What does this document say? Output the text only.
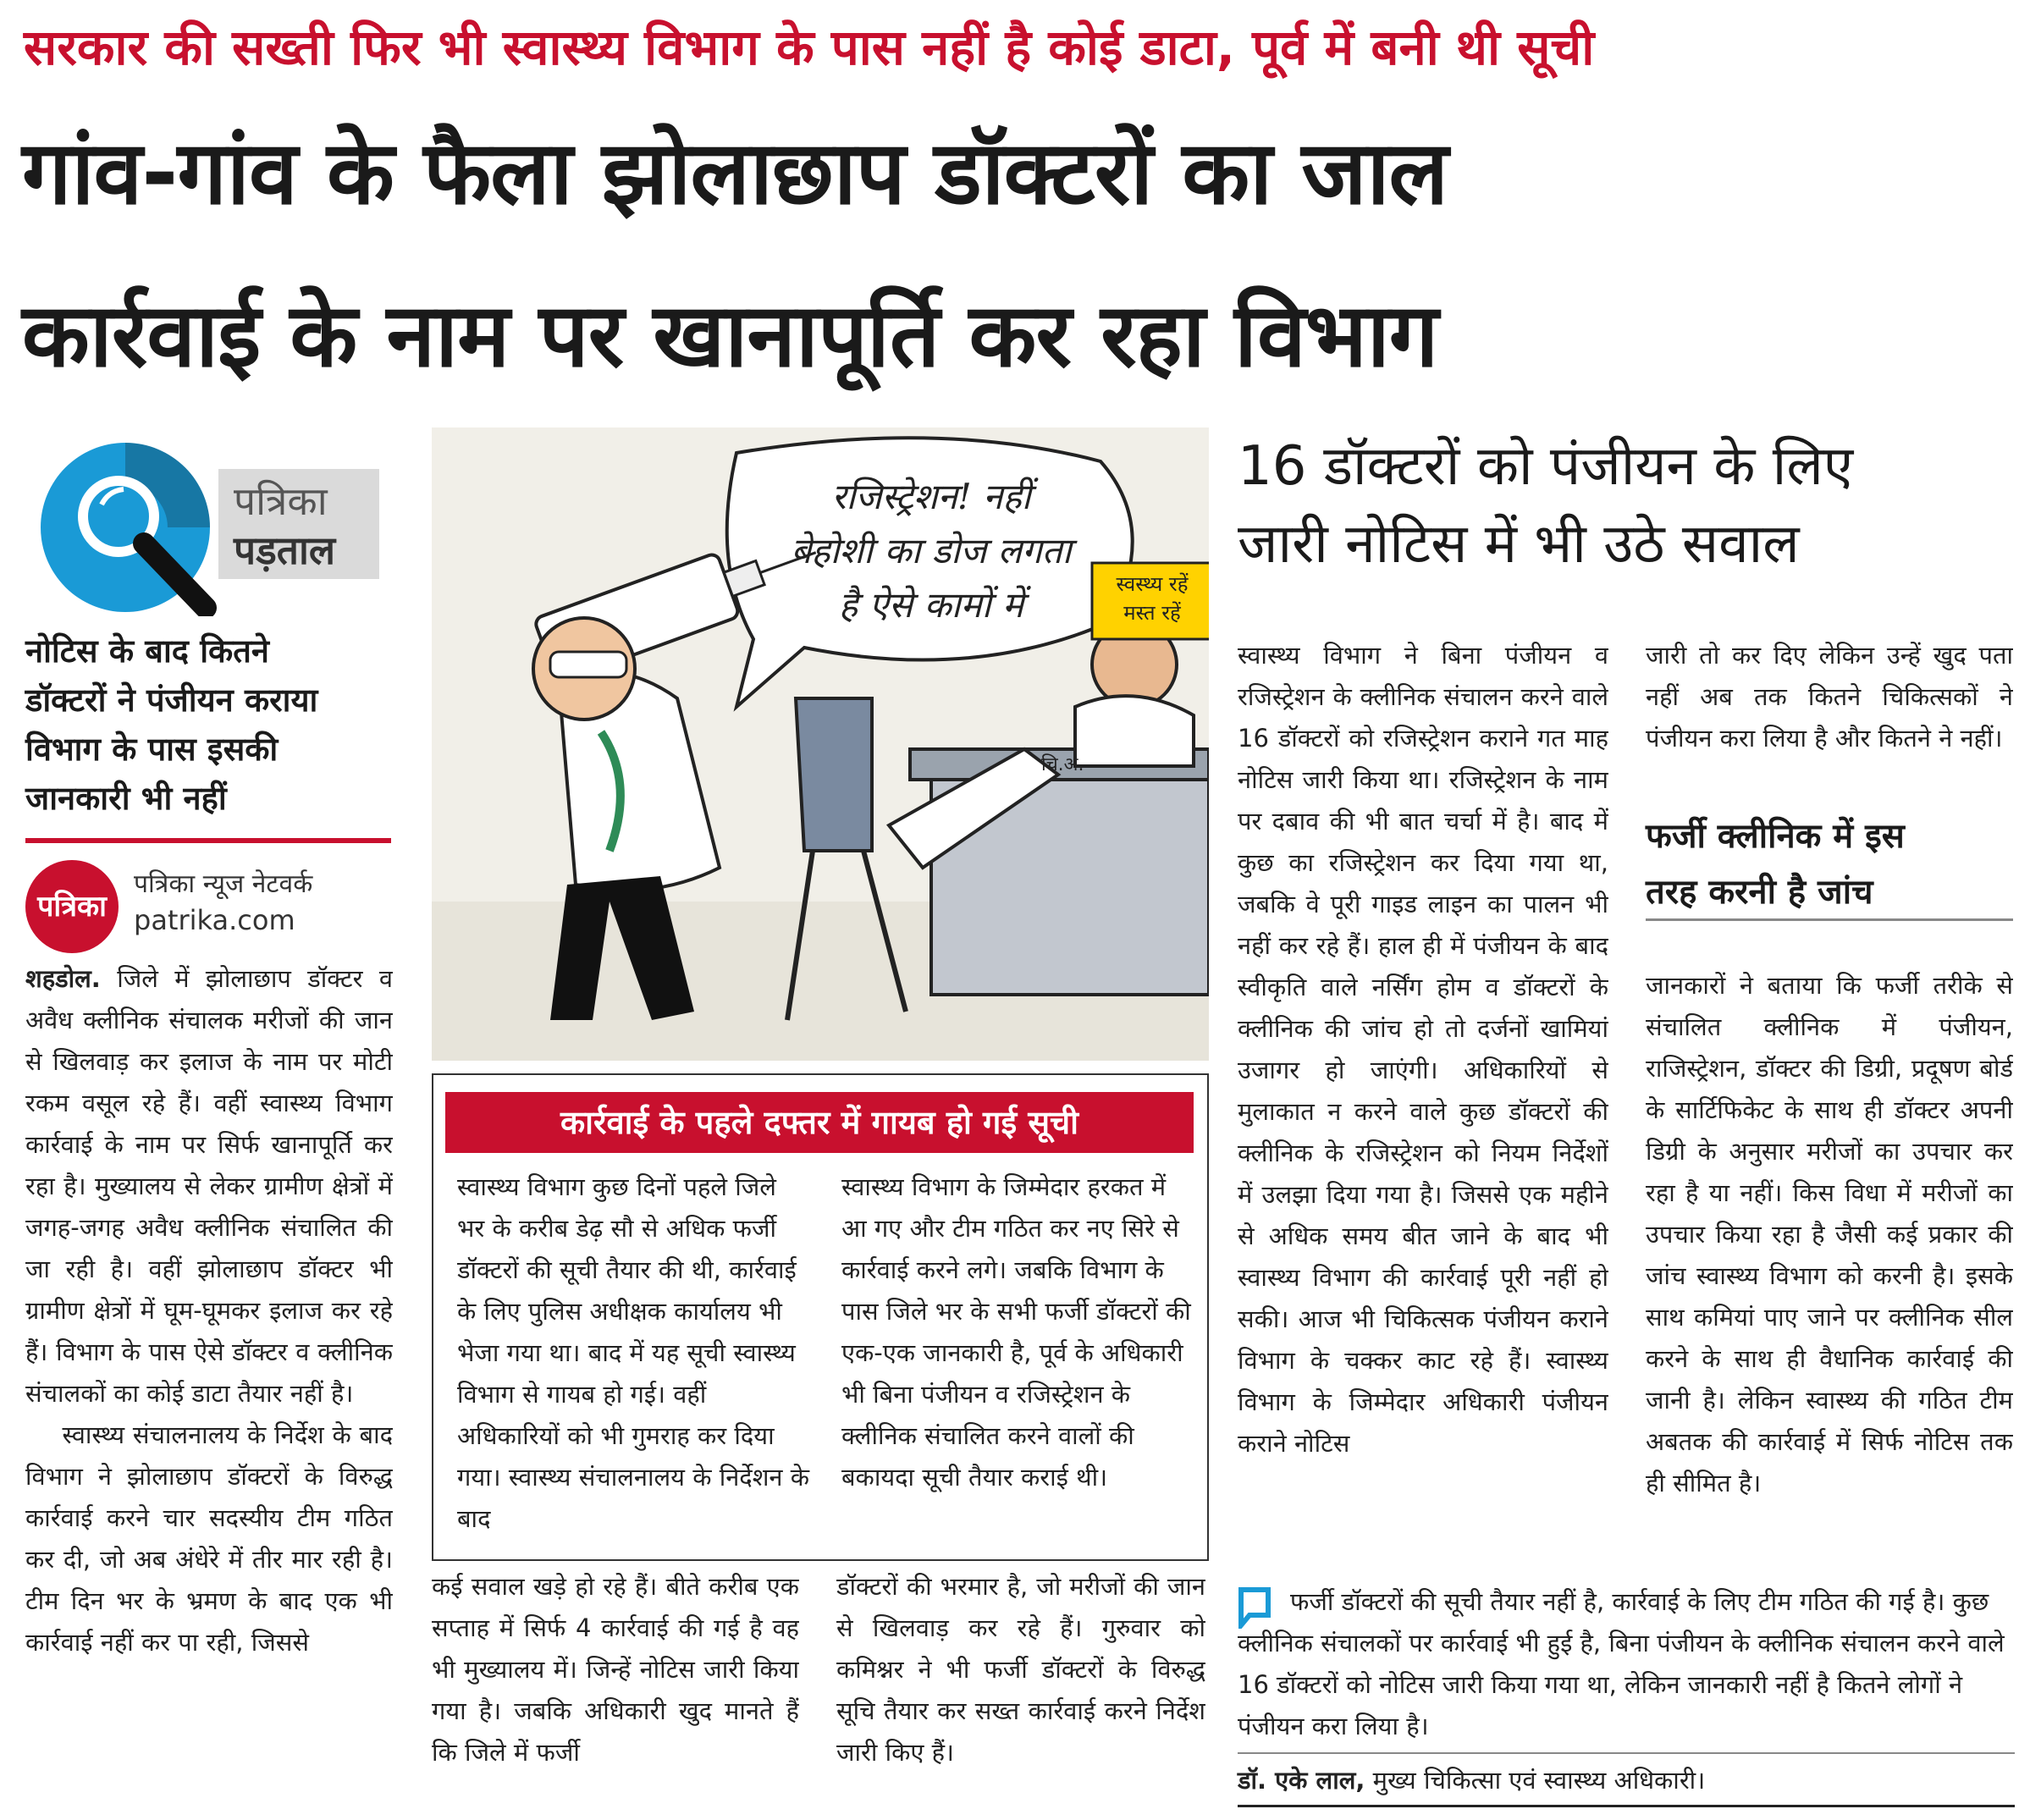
सरकार की सख्ती फिर भी स्वास्थ्य विभाग के पास नहीं है कोई डाटा, पूर्व में बनी थी सूची
गांव-गांव के फैला झोलाछाप डॉक्टरों का जाल
कार्रवाई के नाम पर खानापूर्ति कर रहा विभाग
पत्रिका
पड़ताल
नोटिस के बाद कितने
डॉक्टरों ने पंजीयन कराया
विभाग के पास इसकी
जानकारी भी नहीं
पत्रिका
पत्रिका न्यूज नेटवर्क
patrika.com

शहडोल. जिले में झोलाछाप डॉक्टर व अवैध क्लीनिक संचालक मरीजों की जान से खिलवाड़ कर इलाज के नाम पर मोटी रकम वसूल रहे हैं। वहीं स्वास्थ्य विभाग कार्रवाई के नाम पर सिर्फ खानापूर्ति कर रहा है। मुख्यालय से लेकर ग्रामीण क्षेत्रों में जगह-जगह अवैध क्लीनिक संचालित की जा रही है। वहीं झोलाछाप डॉक्टर भी ग्रामीण क्षेत्रों में घूम-घूमकर इलाज कर रहे हैं। विभाग के पास ऐसे डॉक्टर व क्लीनिक संचालकों का कोई डाटा तैयार नहीं है।

स्वास्थ्य संचालनालय के निर्देश के बाद विभाग ने झोलाछाप डॉक्टरों के विरुद्ध कार्रवाई करने चार सदस्यीय टीम गठित कर दी, जो अब अंधेरे में तीर मार रही है। टीम दिन भर के भ्रमण के बाद एक भी कार्रवाई नहीं कर पा रही, जिससे

रजिस्ट्रेशन! नहीं
बेहोशी का डोज लगता
है ऐसे कामों में	स्वस्थ्य रहें
मस्त रहें
चि.अ.
कार्रवाई के पहले दफ्तर में गायब हो गई सूची
स्वास्थ्य विभाग कुछ दिनों पहले जिले भर के करीब डेढ़ सौ से अधिक फर्जी डॉक्टरों की सूची तैयार की थी, कार्रवाई के लिए पुलिस अधीक्षक कार्यालय भी भेजा गया था। बाद में यह सूची स्वास्थ्य विभाग से गायब हो गई। वहीं अधिकारियों को भी गुमराह कर दिया गया। स्वास्थ्य संचालनालय के निर्देशन के बाद
स्वास्थ्य विभाग के जिम्मेदार हरकत में आ गए और टीम गठित कर नए सिरे से कार्रवाई करने लगे। जबकि विभाग के पास जिले भर के सभी फर्जी डॉक्टरों की एक-एक जानकारी है, पूर्व के अधिकारी भी बिना पंजीयन व रजिस्ट्रेशन के क्लीनिक संचालित करने वालों की बकायदा सूची तैयार कराई थी।
कई सवाल खड़े हो रहे हैं। बीते करीब एक सप्ताह में सिर्फ 4 कार्रवाई की गई है वह भी मुख्यालय में। जिन्हें नोटिस जारी किया गया है। जबकि अधिकारी खुद मानते हैं कि जिले में फर्जी
डॉक्टरों की भरमार है, जो मरीजों की जान से खिलवाड़ कर रहे हैं। गुरुवार को कमिश्नर ने भी फर्जी डॉक्टरों के विरुद्ध सूचि तैयार कर सख्त कार्रवाई करने निर्देश जारी किए हैं।
16 डॉक्टरों को पंजीयन के लिए
जारी नोटिस में भी उठे सवाल
स्वास्थ्य विभाग ने बिना पंजीयन व रजिस्ट्रेशन के क्लीनिक संचालन करने वाले 16 डॉक्टरों को रजिस्ट्रेशन कराने गत माह नोटिस जारी किया था। रजिस्ट्रेशन के नाम पर दबाव की भी बात चर्चा में है। बाद में कुछ का रजिस्ट्रेशन कर दिया गया था, जबकि वे पूरी गाइड लाइन का पालन भी नहीं कर रहे हैं। हाल ही में पंजीयन के बाद स्वीकृति वाले नर्सिंग होम व डॉक्टरों के क्लीनिक की जांच हो तो दर्जनों खामियां उजागर हो जाएंगी। अधिकारियों से मुलाकात न करने वाले कुछ डॉक्टरों की क्लीनिक के रजिस्ट्रेशन को नियम निर्देशों में उलझा दिया गया है। जिससे एक महीने से अधिक समय बीत जाने के बाद भी स्वास्थ्य विभाग की कार्रवाई पूरी नहीं हो सकी। आज भी चिकित्सक पंजीयन कराने विभाग के चक्कर काट रहे हैं। स्वास्थ्य विभाग के जिम्मेदार अधिकारी पंजीयन कराने नोटिस
जारी तो कर दिए लेकिन उन्हें खुद पता नहीं अब तक कितने चिकित्सकों ने पंजीयन करा लिया है और कितने ने नहीं।
फर्जी क्लीनिक में इस
तरह करनी है जांच
जानकारों ने बताया कि फर्जी तरीके से संचालित क्लीनिक में पंजीयन, राजिस्ट्रेशन, डॉक्टर की डिग्री, प्रदूषण बोर्ड के सार्टिफिकेट के साथ ही डॉक्टर अपनी डिग्री के अनुसार मरीजों का उपचार कर रहा है या नहीं। किस विधा में मरीजों का उपचार किया रहा है जैसी कई प्रकार की जांच स्वास्थ्य विभाग को करनी है। इसके साथ कमियां पाए जाने पर क्लीनिक सील करने के साथ ही वैधानिक कार्रवाई की जानी है। लेकिन स्वास्थ्य की गठित टीम अबतक की कार्रवाई में सिर्फ नोटिस तक ही सीमित है।
फर्जी डॉक्टरों की सूची तैयार नहीं है, कार्रवाई के लिए टीम गठित की गई है। कुछ क्लीनिक संचालकों पर कार्रवाई भी हुई है, बिना पंजीयन के क्लीनिक संचालन करने वाले 16 डॉक्टरों को नोटिस जारी किया गया था, लेकिन जानकारी नहीं है कितने लोगों ने पंजीयन करा लिया है।
डॉ. एके लाल, मुख्य चिकित्सा एवं स्वास्थ्य अधिकारी।
